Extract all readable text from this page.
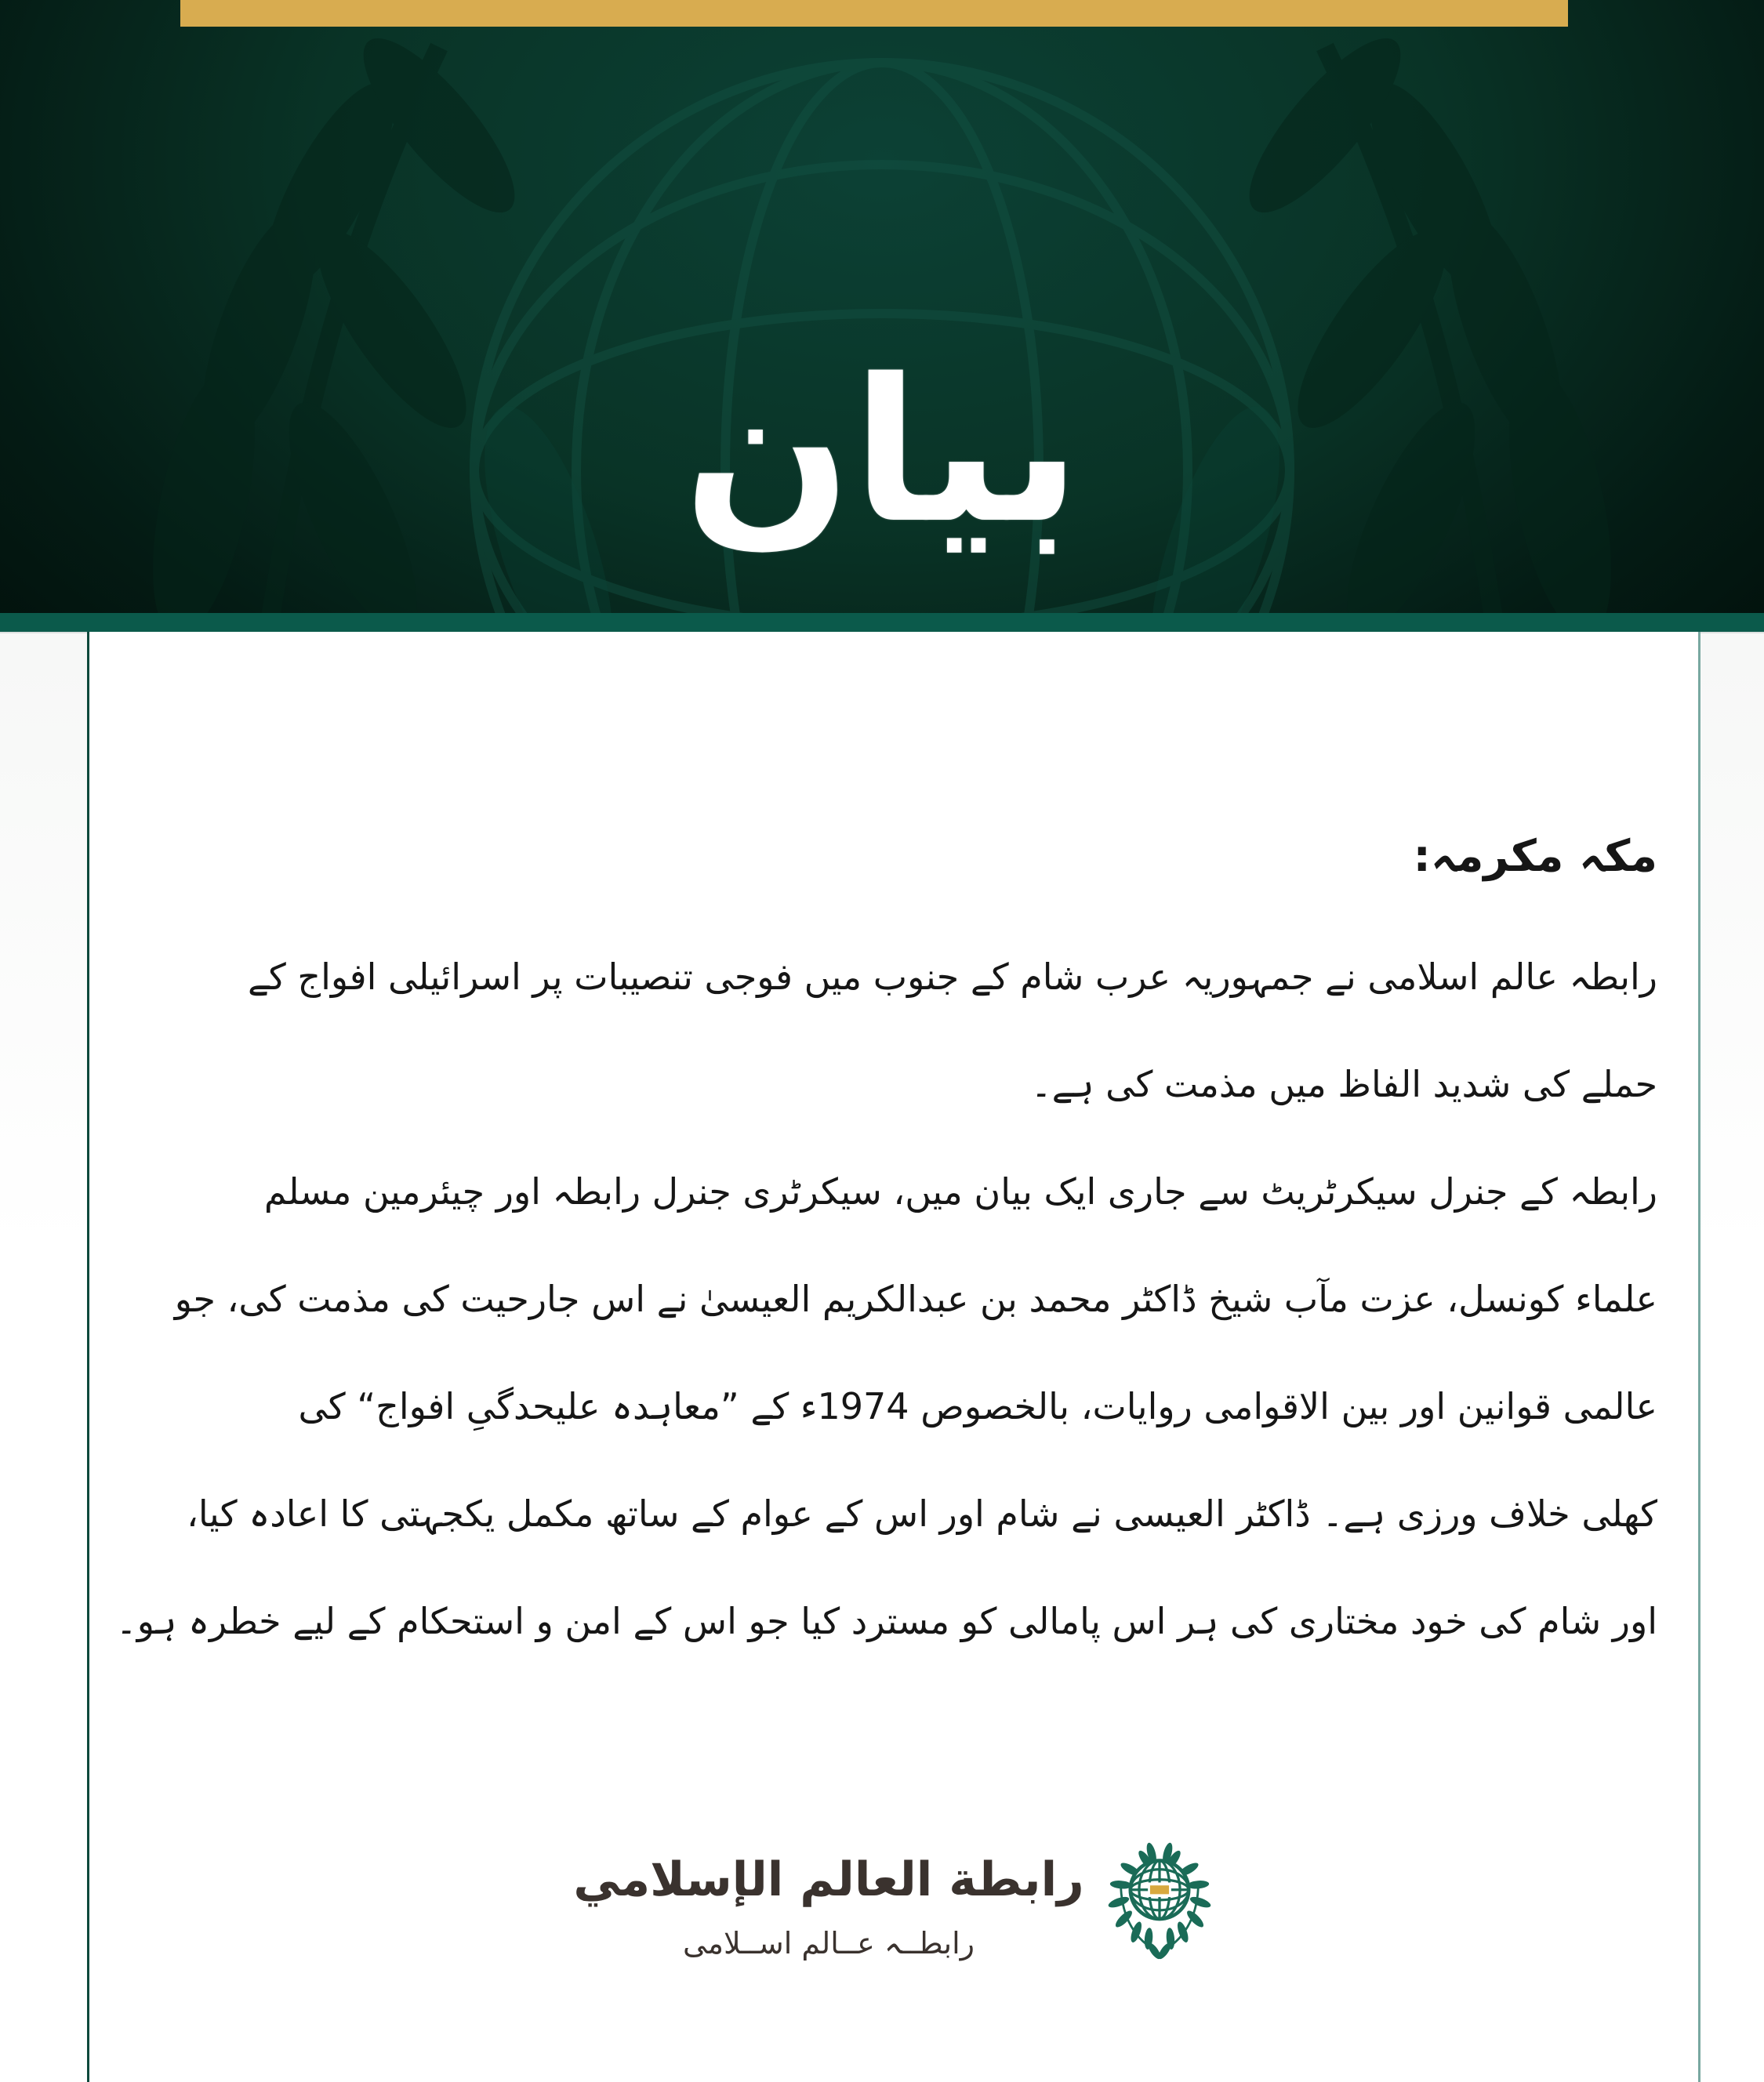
بیان
مکہ مکرمہ:
رابطہ عالم اسلامی نے جمہوریہ عرب شام کے جنوب میں فوجی تنصیبات پر اسرائیلی افواج کے
حملے کی شدید الفاظ میں مذمت کی ہے۔
رابطہ کے جنرل سیکرٹریٹ سے جاری ایک بیان میں، سیکرٹری جنرل رابطہ اور چیئرمین مسلم
علماء کونسل، عزت مآب شیخ ڈاکٹر محمد بن عبدالکریم العیسیٰ نے اس جارحیت کی مذمت کی، جو
عالمی قوانین اور بین الاقوامی روایات، بالخصوص 1974ء کے ”معاہدہ علیحدگیِ افواج“ کی
کھلی خلاف ورزی ہے۔ ڈاکٹر العیسی نے شام اور اس کے عوام کے ساتھ مکمل یکجہتی کا اعادہ کیا،
اور شام کی خود مختاری کی ہر اس پامالی کو مسترد کیا جو اس کے امن و استحکام کے لیے خطرہ ہو۔
رابطة العالم الإسلامي
رابطــہ عــالم اســلامی
